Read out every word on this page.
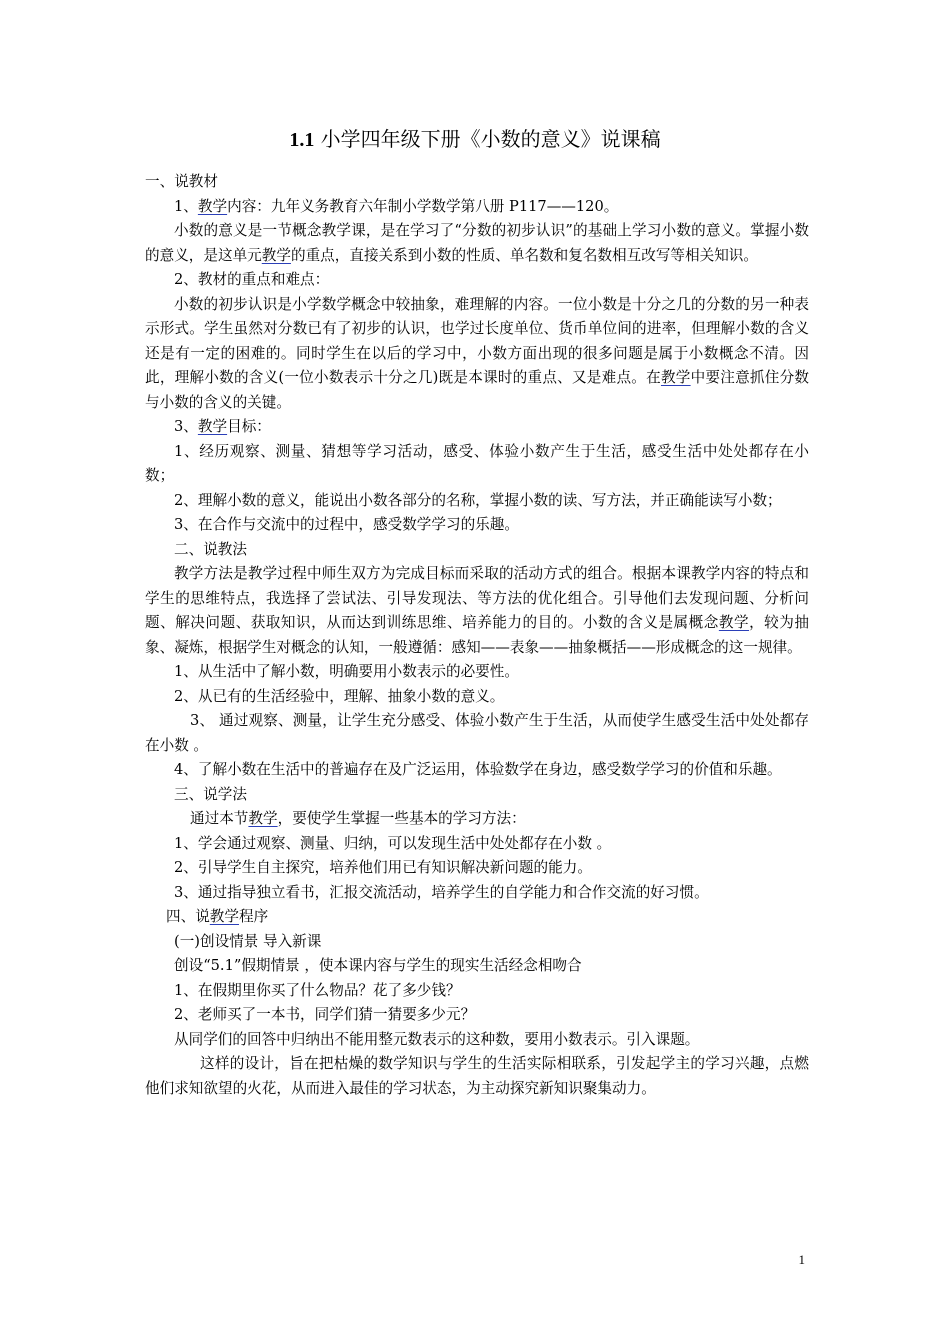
1.1 小学四年级下册《小数的意义》说课稿

一、说教材

1、教学内容：九年义务教育六年制小学数学第八册 P117——120。

小数的意义是一节概念教学课，是在学习了“分数的初步认识”的基础上学习小数的意义。掌握小数的意义，是这单元教学的重点，直接关系到小数的性质、单名数和复名数相互改写等相关知识。

2、教材的重点和难点：

小数的初步认识是小学数学概念中较抽象，难理解的内容。一位小数是十分之几的分数的另一种表示形式。学生虽然对分数已有了初步的认识，也学过长度单位、货币单位间的进率，但理解小数的含义还是有一定的困难的。同时学生在以后的学习中，小数方面出现的很多问题是属于小数概念不清。因此，理解小数的含义(一位小数表示十分之几)既是本课时的重点、又是难点。在教学中要注意抓住分数与小数的含义的关键。

3、教学目标：

1、经历观察、测量、猜想等学习活动，感受、体验小数产生于生活，感受生活中处处都存在小数；

2、理解小数的意义，能说出小数各部分的名称，掌握小数的读、写方法，并正确能读写小数；

3、在合作与交流中的过程中，感受数学学习的乐趣。

二、说教法

教学方法是教学过程中师生双方为完成目标而采取的活动方式的组合。根据本课教学内容的特点和学生的思维特点，我选择了尝试法、引导发现法、等方法的优化组合。引导他们去发现问题、分析问题、解决问题、获取知识，从而达到训练思维、培养能力的目的。小数的含义是属概念教学，较为抽象、凝炼，根据学生对概念的认知，一般遵循：感知——表象——抽象概括——形成概念的这一规律。

1、从生活中了解小数，明确要用小数表示的必要性。

2、从已有的生活经验中，理解、抽象小数的意义。

3、 通过观察、测量，让学生充分感受、体验小数产生于生活，从而使学生感受生活中处处都存在小数 。

4、了解小数在生活中的普遍存在及广泛运用，体验数学在身边，感受数学学习的价值和乐趣。

三、说学法

通过本节教学，要使学生掌握一些基本的学习方法：

1、学会通过观察、测量、归纳，可以发现生活中处处都存在小数 。

2、引导学生自主探究，培养他们用已有知识解决新问题的能力。

3、通过指导独立看书，汇报交流活动，培养学生的自学能力和合作交流的好习惯。

四、说教学程序

(一)创设情景 导入新课

创设“5.1”假期情景 ，使本课内容与学生的现实生活经念相吻合

1、在假期里你买了什么物品？花了多少钱？

2、老师买了一本书，同学们猜一猜要多少元？

从同学们的回答中归纳出不能用整元数表示的这种数，要用小数表示。引入课题。

这样的设计，旨在把枯燥的数学知识与学生的生活实际相联系，引发起学主的学习兴趣，点燃他们求知欲望的火花，从而进入最佳的学习状态，为主动探究新知识聚集动力。

1
